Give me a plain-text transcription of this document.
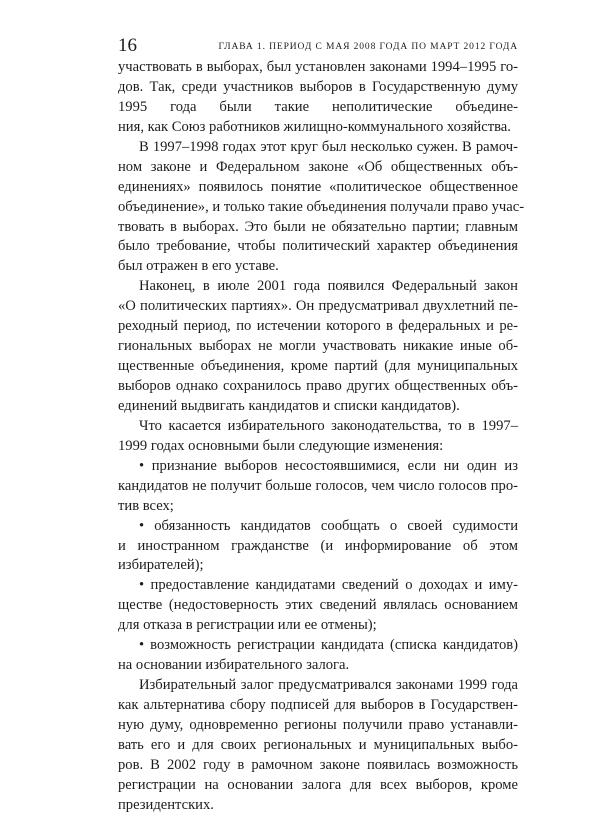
16	ГЛАВА 1. ПЕРИОД С МАЯ 2008 ГОДА ПО МАРТ 2012 ГОДА
участвовать в выборах, был установлен законами 1994–1995 го-
дов. Так, среди участников выборов в Государственную думу
1995 года были такие неполитические объедине-
ния, как Союз работников жилищно-коммунального хозяйства.
В 1997–1998 годах этот круг был несколько сужен. В рамоч-
ном законе и Федеральном законе «Об общественных объ-
единениях» появилось понятие «политическое общественное
объединение», и только такие объединения получали право учас-
твовать в выборах. Это были не обязательно партии; главным
было требование, чтобы политический характер объединения
был отражен в его уставе.
Наконец, в июле 2001 года появился Федеральный закон
«О политических партиях». Он предусматривал двухлетний пе-
реходный период, по истечении которого в федеральных и ре-
гиональных выборах не могли участвовать никакие иные об-
щественные объединения, кроме партий (для муниципальных
выборов однако сохранилось право других общественных объ-
единений выдвигать кандидатов и списки кандидатов).
Что касается избирательного законодательства, то в 1997–
1999 годах основными были следующие изменения:
• признание выборов несостоявшимися, если ни один из
кандидатов не получит больше голосов, чем число голосов про-
тив всех;
• обязанность кандидатов сообщать о своей судимости
и иностранном гражданстве (и информирование об этом
избирателей);
• предоставление кандидатами сведений о доходах и иму-
ществе (недостоверность этих сведений являлась основанием
для отказа в регистрации или ее отмены);
• возможность регистрации кандидата (списка кандидатов)
на основании избирательного залога.
Избирательный залог предусматривался законами 1999 года
как альтернатива сбору подписей для выборов в Государствен-
ную думу, одновременно регионы получили право устанавли-
вать его и для своих региональных и муниципальных выбо-
ров. В 2002 году в рамочном законе появилась возможность
регистрации на основании залога для всех выборов, кроме
президентских.
